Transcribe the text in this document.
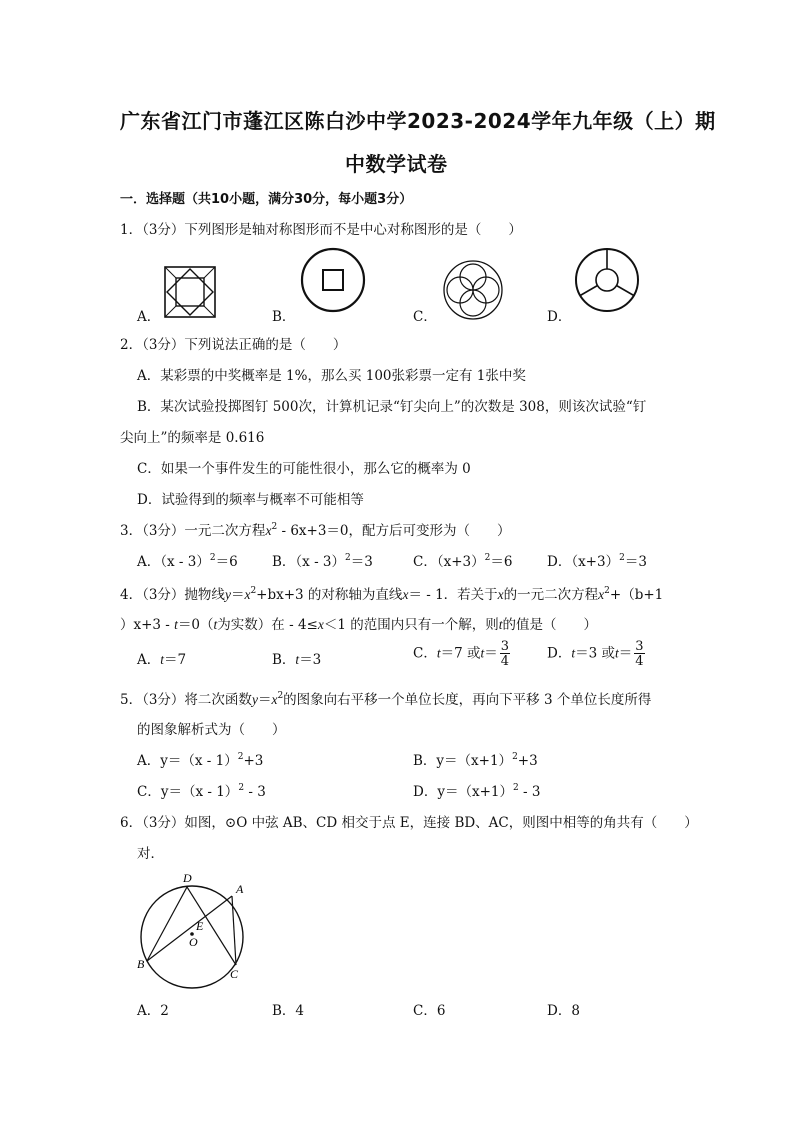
广东省江门市蓬江区陈白沙中学2023-2024学年九年级（上）期
中数学试卷
一．选择题（共10小题，满分30分，每小题3分）
1．（3分）下列图形是轴对称图形而不是中心对称图形的是（　　）
A．	B．	C．	D．
2．（3分）下列说法正确的是（　　）
A．某彩票的中奖概率是 1%，那么买 100张彩票一定有 1张中奖
B．某次试验投掷图钉 500次，计算机记录“钉尖向上”的次数是 308，则该次试验“钉
尖向上”的频率是 0.616
C．如果一个事件发生的可能性很小，那么它的概率为 0
D．试验得到的频率与概率不可能相等
3．（3分）一元二次方程$x^2 - 6x+3=0$，配方后可变形为（　　）
A．（x - 3）$^2$＝6	B．（x - 3）$^2$＝3	C．$(x+3)^2=6$	D．$(x+3)^2=3$
4．（3分）抛物线$y=x^2+bx+3$ 的对称轴为直线x＝ - 1．若关于x的一元二次方程$x^2+(b+1$
）x+3 - t＝0（t为实数）在 - 4≤x＜1 的范围内只有一个解，则t的值是（　　）
A．t＝7	B．t＝3	C．t＝7 或$t= \frac{3}{4}$	D．t＝3 或$t= \frac{3}{4}$
5．（3分）将二次函数$y=x^2$的图象向右平移一个单位长度，再向下平移 3 个单位长度所得
的图象解析式为（　　）
A．y＝（x - 1）$^2$+3	B．$y=(x+1)^2+3$
C．y＝（x - 1）$^2$ - 3	D．$y=(x+1)^2 - 3$
6．（3分）如图，⊙O 中弦 AB、CD 相交于点 E，连接 BD、AC，则图中相等的角共有（　　）
对．
D
A
E
O
B
C
A．2	B．4	C．6	D．8
